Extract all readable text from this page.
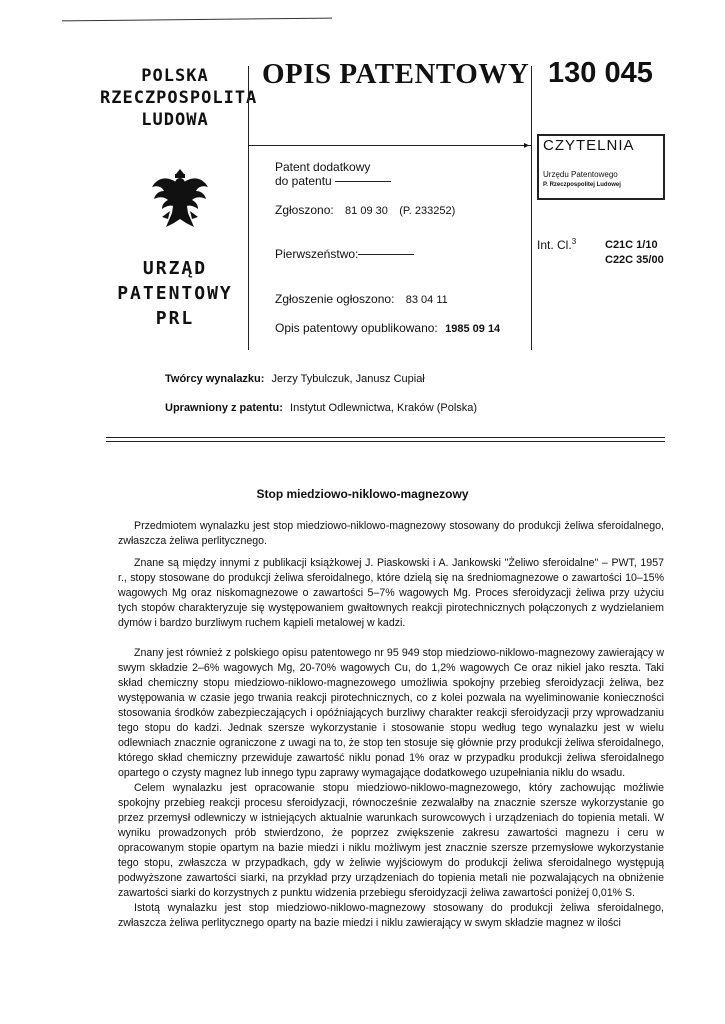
POLSKA
RZECZPOSPOLITA
LUDOWA
URZĄD
PATENTOWY
PRL
▸
OPIS PATENTOWY 130 045
CZYTELNIA
Urzędu Patentowego
P. Rzeczpospolitej Ludowej
Patent dodatkowy
do patentu
Zgłoszono: 81 09 30 (P. 233252)
Pierwszeństwo:
Zgłoszenie ogłoszono: 83 04 11
Opis patentowy opublikowano: 1985 09 14
Int. Cl.$^3$	C21C 1/10
C22C 35/00
Twórcy wynalazku: Jerzy Tybulczuk, Janusz Cupiał
Uprawniony z patentu: Instytut Odlewnictwa, Kraków (Polska)
Stop miedziowo-niklowo-magnezowy
Przedmiotem wynalazku jest stop miedziowo-niklowo-magnezowy stosowany do produkcji żeliwa sferoidalnego, zwłaszcza żeliwa perlitycznego.
Znane są między innymi z publikacji książkowej J. Piaskowski i A. Jankowski "Żeliwo sferoidalne" – PWT, 1957 r., stopy stosowane do produkcji żeliwa sferoidalnego, które dzielą się na średniomagnezowe o zawartości 10–15% wagowych Mg oraz niskomagnezowe o zawartości 5–7% wagowych Mg. Proces sferoidyzacji żeliwa przy użyciu tych stopów charakteryzuje się występowaniem gwałtownych reakcji pirotechnicznych połączonych z wydzielaniem dymów i bardzo burzliwym ruchem kąpieli metalowej w kadzi.
Znany jest również z polskiego opisu patentowego nr 95 949 stop miedziowo-niklowo-magnezowy zawierający w swym składzie 2–6% wagowych Mg, 20-70% wagowych Cu, do 1,2% wagowych Ce oraz nikiel jako reszta. Taki skład chemiczny stopu miedziowo-niklowo-magnezowego umożliwia spokojny przebieg sferoidyzacji żeliwa, bez występowania w czasie jego trwania reakcji pirotechnicznych, co z kolei pozwala na wyeliminowanie konieczności stosowania środków zabezpieczających i opóźniających burzliwy charakter reakcji sferoidyzacji przy wprowadzaniu tego stopu do kadzi. Jednak szersze wykorzystanie i stosowanie stopu według tego wynalazku jest w wielu odlewniach znacznie ograniczone z uwagi na to, że stop ten stosuje się głównie przy produkcji żeliwa sferoidalnego, którego skład chemiczny przewiduje zawartość niklu ponad 1% oraz w przypadku produkcji żeliwa sferoidalnego opartego o czysty magnez lub innego typu zaprawy wymagające dodatkowego uzupełniania niklu do wsadu.
Celem wynalazku jest opracowanie stopu miedziowo-niklowo-magnezowego, który zachowując możliwie spokojny przebieg reakcji procesu sferoidyzacji, równocześnie zezwalałby na znacznie szersze wykorzystanie go przez przemysł odlewniczy w istniejących aktualnie warunkach surowcowych i urządzeniach do topienia metali. W wyniku prowadzonych prób stwierdzono, że poprzez zwiększenie zakresu zawartości magnezu i ceru w opracowanym stopie opartym na bazie miedzi i niklu możliwym jest znacznie szersze przemysłowe wykorzystanie tego stopu, zwłaszcza w przypadkach, gdy w żeliwie wyjściowym do produkcji żeliwa sferoidalnego występują podwyższone zawartości siarki, na przykład przy urządzeniach do topienia metali nie pozwalających na obniżenie zawartości siarki do korzystnych z punktu widzenia przebiegu sferoidyzacji żeliwa zawartości poniżej 0,01% S.
Istotą wynalazku jest stop miedziowo-niklowo-magnezowy stosowany do produkcji żeliwa sferoidalnego, zwłaszcza żeliwa perlitycznego oparty na bazie miedzi i niklu zawierający w swym składzie magnez w ilości
